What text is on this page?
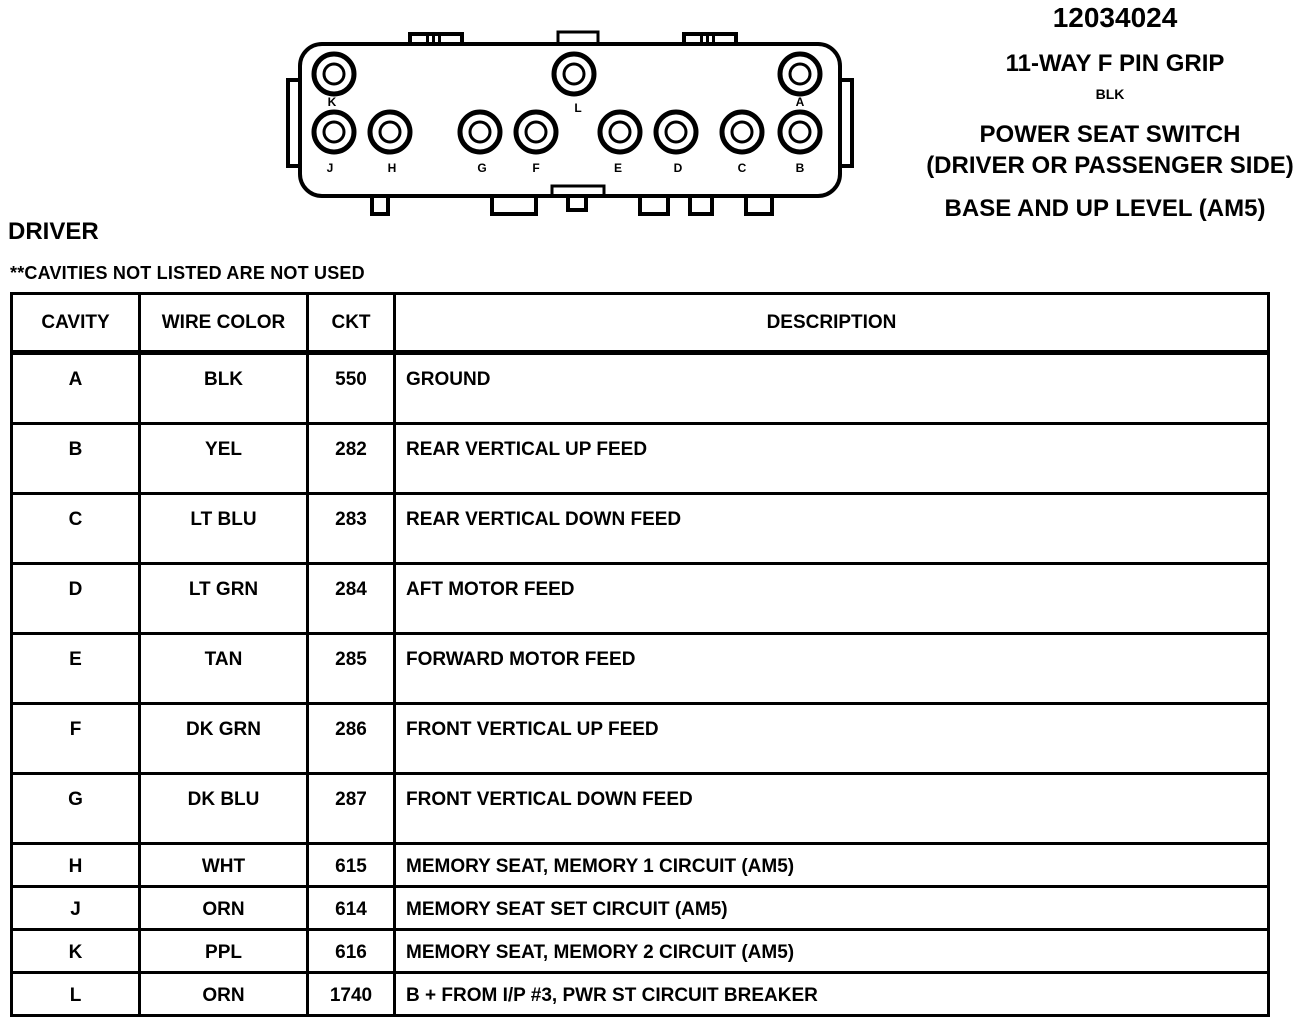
K	L	A
J	H	G	F	E	D	C	B
12034024
11-WAY F PIN GRIP
BLK
POWER SEAT SWITCH
(DRIVER OR PASSENGER SIDE)
BASE AND UP LEVEL (AM5)
DRIVER
**CAVITIES NOT LISTED ARE NOT USED
CAVITY	WIRE COLOR	CKT	DESCRIPTION
A	BLK	550	GROUND
B	YEL	282	REAR VERTICAL UP FEED
C	LT BLU	283	REAR VERTICAL DOWN FEED
D	LT GRN	284	AFT MOTOR FEED
E	TAN	285	FORWARD MOTOR FEED
F	DK GRN	286	FRONT VERTICAL UP FEED
G	DK BLU	287	FRONT VERTICAL DOWN FEED
H	WHT	615	MEMORY SEAT, MEMORY 1 CIRCUIT (AM5)
J	ORN	614	MEMORY SEAT SET CIRCUIT (AM5)
K	PPL	616	MEMORY SEAT, MEMORY 2 CIRCUIT (AM5)
L	ORN	1740	B + FROM I/P #3, PWR ST CIRCUIT BREAKER
